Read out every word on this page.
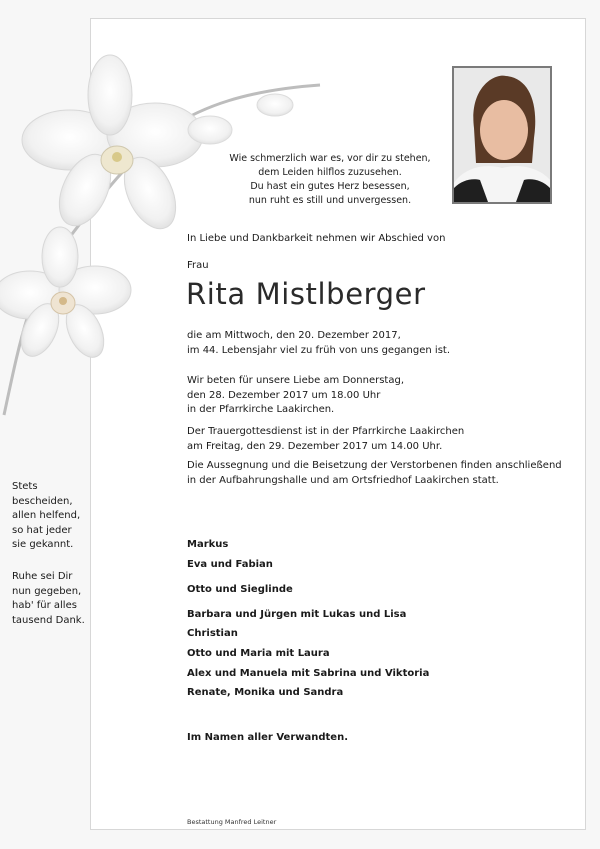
Wie schmerzlich war es, vor dir zu stehen,
dem Leiden hilflos zuzusehen.
Du hast ein gutes Herz besessen,
nun ruht es still und unvergessen.
In Liebe und Dankbarkeit nehmen wir Abschied von
Frau
Rita Mistlberger
die am Mittwoch, den 20. Dezember 2017,
im 44. Lebensjahr viel zu früh von uns gegangen ist.
Wir beten für unsere Liebe am Donnerstag,
den 28. Dezember 2017 um 18.00 Uhr
in der Pfarrkirche Laakirchen.
Der Trauergottesdienst ist in der Pfarrkirche Laakirchen
am Freitag, den 29. Dezember 2017 um 14.00 Uhr.
Die Aussegnung und die Beisetzung der Verstorbenen finden anschließend
in der Aufbahrungshalle und am Ortsfriedhof Laakirchen statt.
Stets
bescheiden,
allen helfend,
so hat jeder
sie gekannt.
Ruhe sei Dir
nun gegeben,
hab' für alles
tausend Dank.
Markus
Eva und Fabian
Otto und Sieglinde
Barbara und Jürgen mit Lukas und Lisa
Christian
Otto und Maria mit Laura
Alex und Manuela mit Sabrina und Viktoria
Renate, Monika und Sandra
Im Namen aller Verwandten.
Bestattung Manfred Leitner
